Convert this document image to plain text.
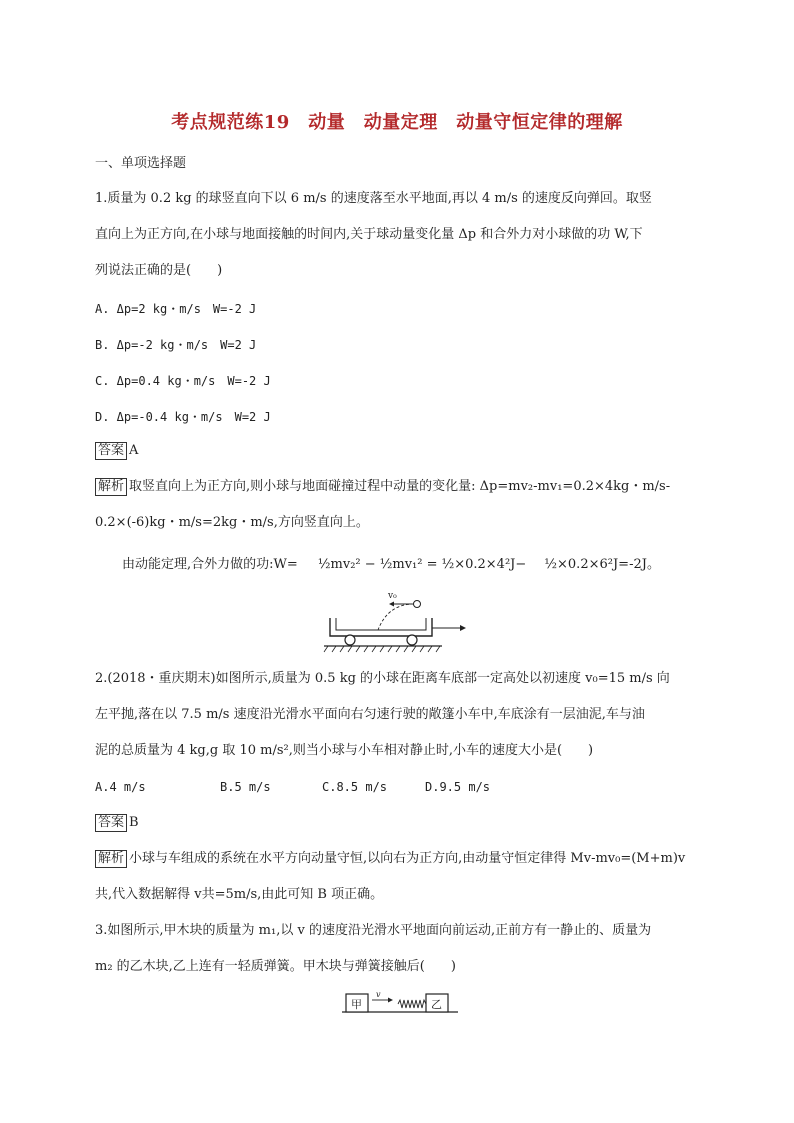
考点规范练19　动量　动量定理　动量守恒定律的理解
一、单项选择题
1.质量为 0.2 kg 的球竖直向下以 6 m/s 的速度落至水平地面,再以 4 m/s 的速度反向弹回。取竖
直向上为正方向,在小球与地面接触的时间内,关于球动量变化量 Δp 和合外力对小球做的功 W,下
列说法正确的是(　　)
A. Δp=2 kg・m/s　W=-2 J
B. Δp=-2 kg・m/s　W=2 J
C. Δp=0.4 kg・m/s　W=-2 J
D. Δp=-0.4 kg・m/s　W=2 J
答案 A
解析 取竖直向上为正方向,则小球与地面碰撞过程中动量的变化量: Δp=mv₂-mv₁=0.2×4kg・m/s-
0.2×(-6)kg・m/s=2kg・m/s,方向竖直向上。
由动能定理,合外力做的功:W= ½mv₂² − ½mv₁² = ½×0.2×4²J− ½×0.2×6²J=-2J。
v₀
2.(2018・重庆期末)如图所示,质量为 0.5 kg 的小球在距离车底部一定高处以初速度 v₀=15 m/s 向
左平抛,落在以 7.5 m/s 速度沿光滑水平面向右匀速行驶的敞篷小车中,车底涂有一层油泥,车与油
泥的总质量为 4 kg,g 取 10 m/s²,则当小球与小车相对静止时,小车的速度大小是(　　)
A.4 m/s	B.5 m/s	C.8.5 m/s	D.9.5 m/s
答案 B
解析 小球与车组成的系统在水平方向动量守恒,以向右为正方向,由动量守恒定律得 Mv-mv₀=(M+m)v
共,代入数据解得 v共=5m/s,由此可知 B 项正确。
3.如图所示,甲木块的质量为 m₁,以 v 的速度沿光滑水平地面向前运动,正前方有一静止的、质量为
m₂ 的乙木块,乙上连有一轻质弹簧。甲木块与弹簧接触后(　　)
甲
v
乙
